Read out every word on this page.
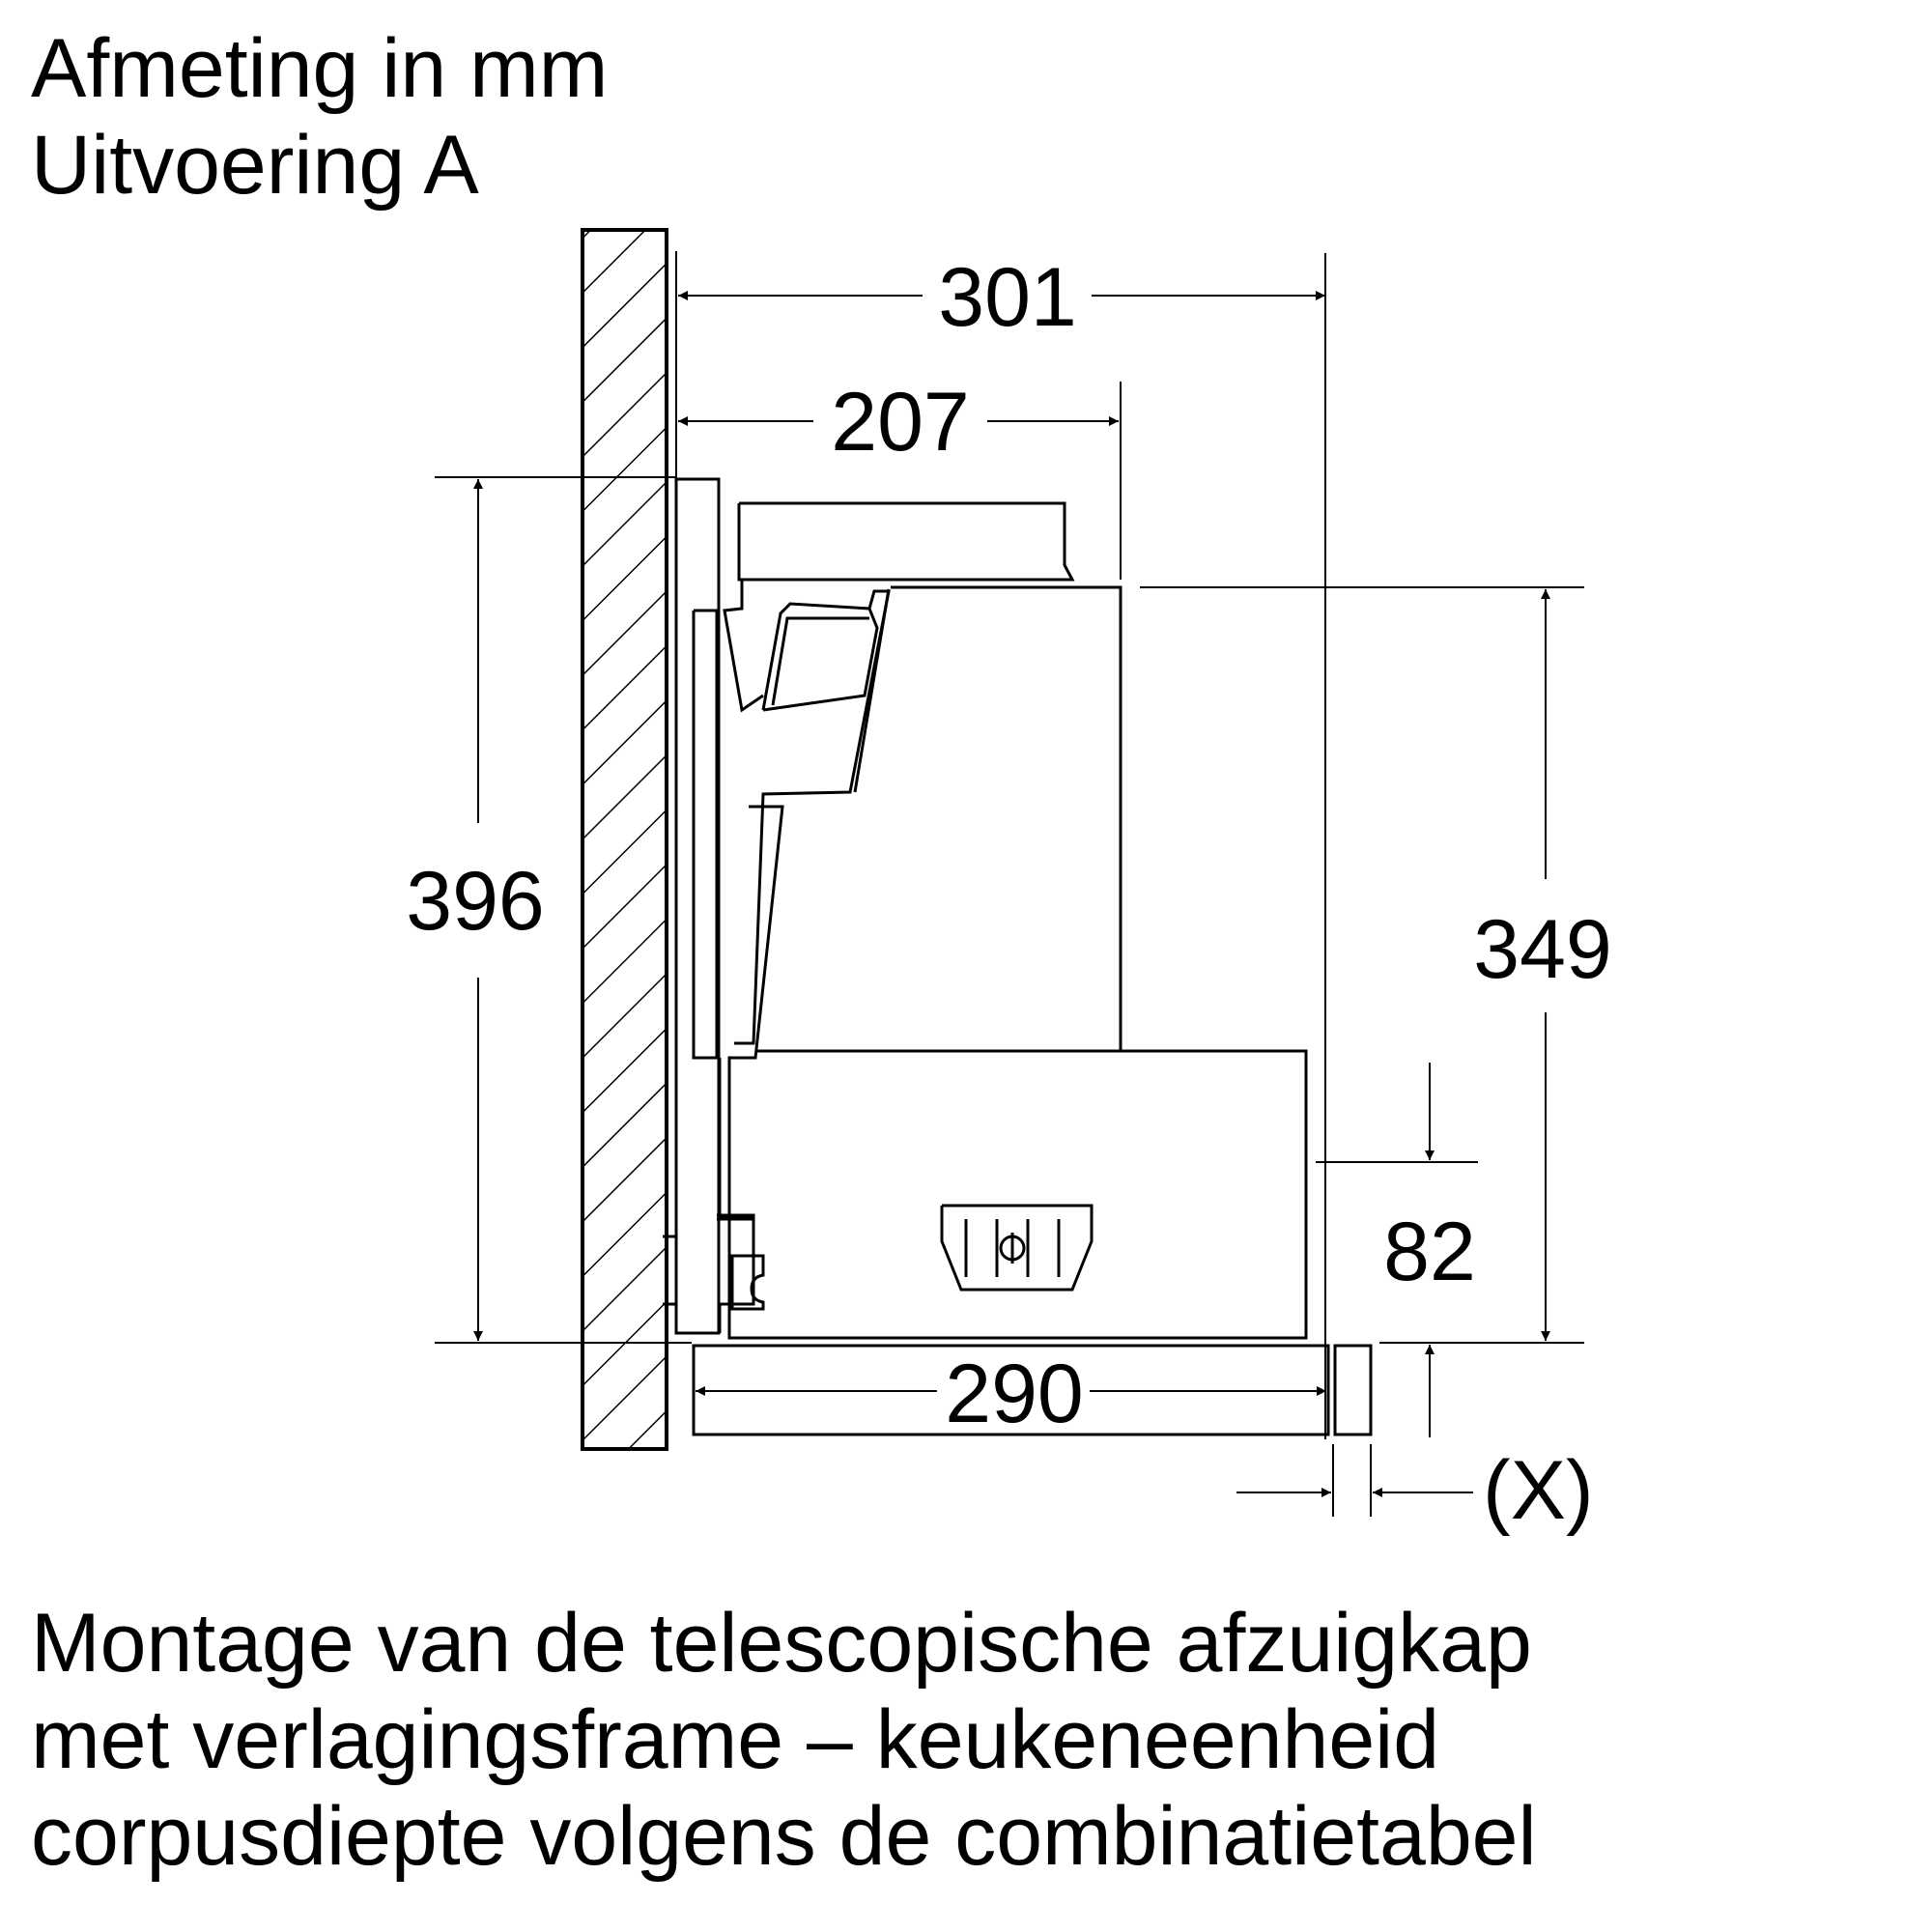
Afmeting in mm
Uitvoering A
301
207
396
349
82
290
(X)
Montage van de telescopische afzuigkap
met verlagingsframe – keukeneenheid
corpusdiepte volgens de combinatietabel
